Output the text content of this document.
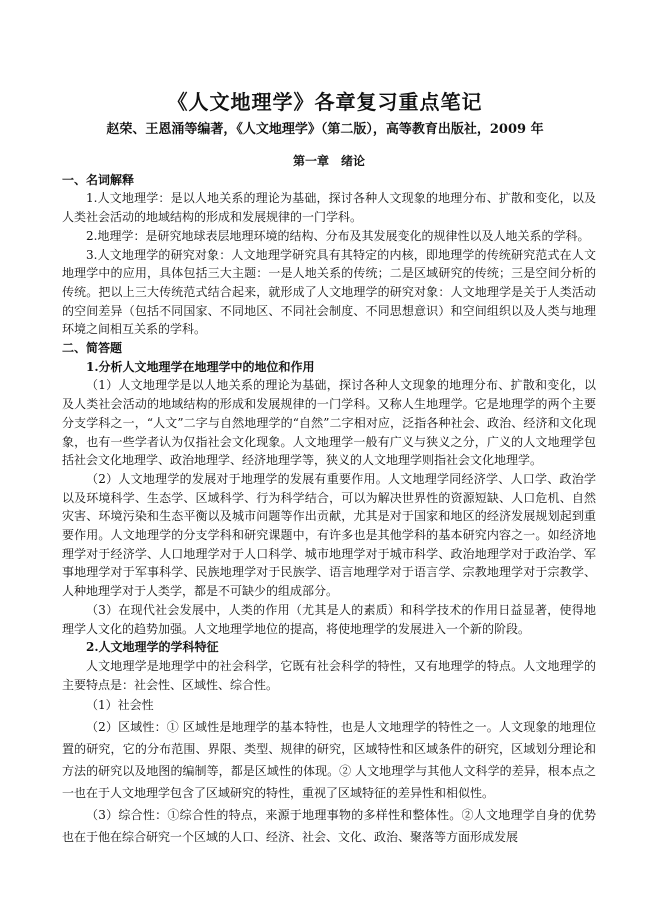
《人文地理学》各章复习重点笔记
赵荣、王恩涌等编著，《人文地理学》（第二版），高等教育出版社，2009 年

第一章　绪论

一、名词解释

1.人文地理学：是以人地关系的理论为基础，探讨各种人文现象的地理分布、扩散和变化，以及人类社会活动的地域结构的形成和发展规律的一门学科。

2.地理学：是研究地球表层地理环境的结构、分布及其发展变化的规律性以及人地关系的学科。

3.人文地理学的研究对象：人文地理学研究具有其特定的内核，即地理学的传统研究范式在人文地理学中的应用，具体包括三大主题：一是人地关系的传统；二是区域研究的传统；三是空间分析的传统。把以上三大传统范式结合起来，就形成了人文地理学的研究对象：人文地理学是关于人类活动的空间差异（包括不同国家、不同地区、不同社会制度、不同思想意识）和空间组织以及人类与地理环境之间相互关系的学科。

二、简答题

1.分析人文地理学在地理学中的地位和作用

（1）人文地理学是以人地关系的理论为基础，探讨各种人文现象的地理分布、扩散和变化，以及人类社会活动的地域结构的形成和发展规律的一门学科。又称人生地理学。它是地理学的两个主要分支学科之一，“人文”二字与自然地理学的“自然”二字相对应，泛指各种社会、政治、经济和文化现象，也有一些学者认为仅指社会文化现象。人文地理学一般有广义与狭义之分，广义的人文地理学包括社会文化地理学、政治地理学、经济地理学等，狭义的人文地理学则指社会文化地理学。

（2）人文地理学的发展对于地理学的发展有重要作用。人文地理学同经济学、人口学、政治学以及环境科学、生态学、区域科学、行为科学结合，可以为解决世界性的资源短缺、人口危机、自然灾害、环境污染和生态平衡以及城市问题等作出贡献，尤其是对于国家和地区的经济发展规划起到重要作用。人文地理学的分支学科和研究课题中，有许多也是其他学科的基本研究内容之一。如经济地理学对于经济学、人口地理学对于人口科学、城市地理学对于城市科学、政治地理学对于政治学、军事地理学对于军事科学、民族地理学对于民族学、语言地理学对于语言学、宗教地理学对于宗教学、人种地理学对于人类学，都是不可缺少的组成部分。

（3）在现代社会发展中，人类的作用（尤其是人的素质）和科学技术的作用日益显著，使得地理学人文化的趋势加强。人文地理学地位的提高，将使地理学的发展进入一个新的阶段。

2.人文地理学的学科特征

人文地理学是地理学中的社会科学，它既有社会科学的特性，又有地理学的特点。人文地理学的主要特点是：社会性、区域性、综合性。

（1）社会性

（2）区域性：① 区域性是地理学的基本特性，也是人文地理学的特性之一。人文现象的地理位置的研究，它的分布范围、界限、类型、规律的研究，区域特性和区域条件的研究，区域划分理论和方法的研究以及地图的编制等，都是区域性的体现。② 人文地理学与其他人文科学的差异，根本点之一也在于人文地理学包含了区域研究的特性，重视了区域特征的差异性和相似性。

（3）综合性：①综合性的特点，来源于地理事物的多样性和整体性。②人文地理学自身的优势也在于他在综合研究一个区域的人口、经济、社会、文化、政治、聚落等方面形成发展
